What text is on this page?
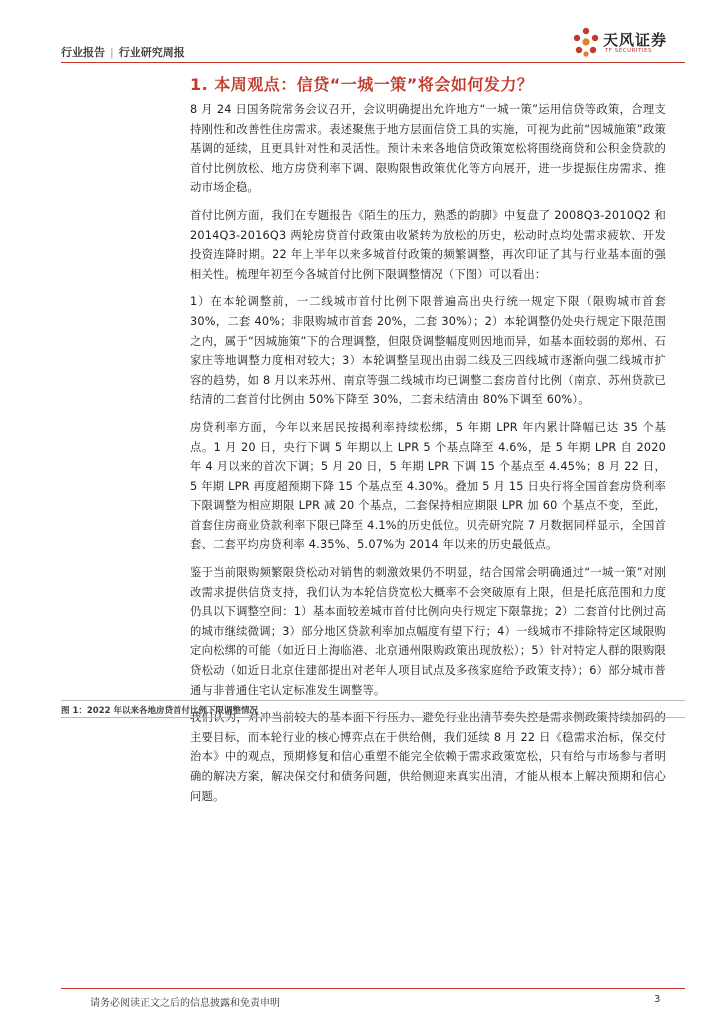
行业报告 | 行业研究周报
天风证券
TF SECURITIES
1. 本周观点：信贷“一城一策”将会如何发力？

8 月 24 日国务院常务会议召开，会议明确提出允许地方“一城一策”运用信贷等政策，合理支持刚性和改善性住房需求。表述聚焦于地方层面信贷工具的实施，可视为此前“因城施策”政策基调的延续，且更具针对性和灵活性。预计未来各地信贷政策宽松将围绕商贷和公积金贷款的首付比例放松、地方房贷利率下调、限购限售政策优化等方向展开，进一步提振住房需求、推动市场企稳。

首付比例方面，我们在专题报告《陌生的压力，熟悉的韵脚》中复盘了 2008Q3-2010Q2 和 2014Q3-2016Q3 两轮房贷首付政策由收紧转为放松的历史，松动时点均处需求疲软、开发投资连降时期。22 年上半年以来多城首付政策的频繁调整，再次印证了其与行业基本面的强相关性。梳理年初至今各城首付比例下限调整情况（下图）可以看出：

1）在本轮调整前，一二线城市首付比例下限普遍高出央行统一规定下限（限购城市首套 30%，二套 40%；非限购城市首套 20%，二套 30%）；2）本轮调整仍处央行规定下限范围之内，属于“因城施策”下的合理调整，但限贷调整幅度则因地而异，如基本面较弱的郑州、石家庄等地调整力度相对较大；3）本轮调整呈现出由弱二线及三四线城市逐渐向强二线城市扩容的趋势，如 8 月以来苏州、南京等强二线城市均已调整二套房首付比例（南京、苏州贷款已结清的二套首付比例由 50%下降至 30%，二套未结清由 80%下调至 60%）。

房贷利率方面，今年以来居民按揭利率持续松绑，5 年期 LPR 年内累计降幅已达 35 个基点。1 月 20 日，央行下调 5 年期以上 LPR 5 个基点降至 4.6%，是 5 年期 LPR 自 2020 年 4 月以来的首次下调；5 月 20 日，5 年期 LPR 下调 15 个基点至 4.45%；8 月 22 日，5 年期 LPR 再度超预期下降 15 个基点至 4.30%。叠加 5 月 15 日央行将全国首套房贷利率下限调整为相应期限 LPR 减 20 个基点，二套保持相应期限 LPR 加 60 个基点不变，至此，首套住房商业贷款利率下限已降至 4.1%的历史低位。贝壳研究院 7 月数据同样显示，全国首套、二套平均房贷利率 4.35%、5.07%为 2014 年以来的历史最低点。

鉴于当前限购频繁限贷松动对销售的刺激效果仍不明显，结合国常会明确通过“一城一策”对刚改需求提供信贷支持，我们认为本轮信贷宽松大概率不会突破原有上限，但是托底范围和力度仍具以下调整空间：1）基本面较差城市首付比例向央行规定下限靠拢；2）二套首付比例过高的城市继续微调；3）部分地区贷款利率加点幅度有望下行；4）一线城市不排除特定区域限购定向松绑的可能（如近日上海临港、北京通州限购政策出现放松）；5）针对特定人群的限购限贷松动（如近日北京住建部提出对老年人项目试点及多孩家庭给予政策支持）；6）部分城市普通与非普通住宅认定标准发生调整等。

主要目标，而本轮行业的核心博弈点在于供给侧，我们延续 8 月 22 日《稳需求治标，保交付治本》中的观点，预期修复和信心重塑不能完全依赖于需求政策宽松，只有给与市场参与者明确的解决方案，解决保交付和债务问题，供给侧迎来真实出清，才能从根本上解决预期和信心问题。

图 1：2022 年以来各地房贷首付比例下限调整情况
请务必阅读正文之后的信息披露和免责申明	3
